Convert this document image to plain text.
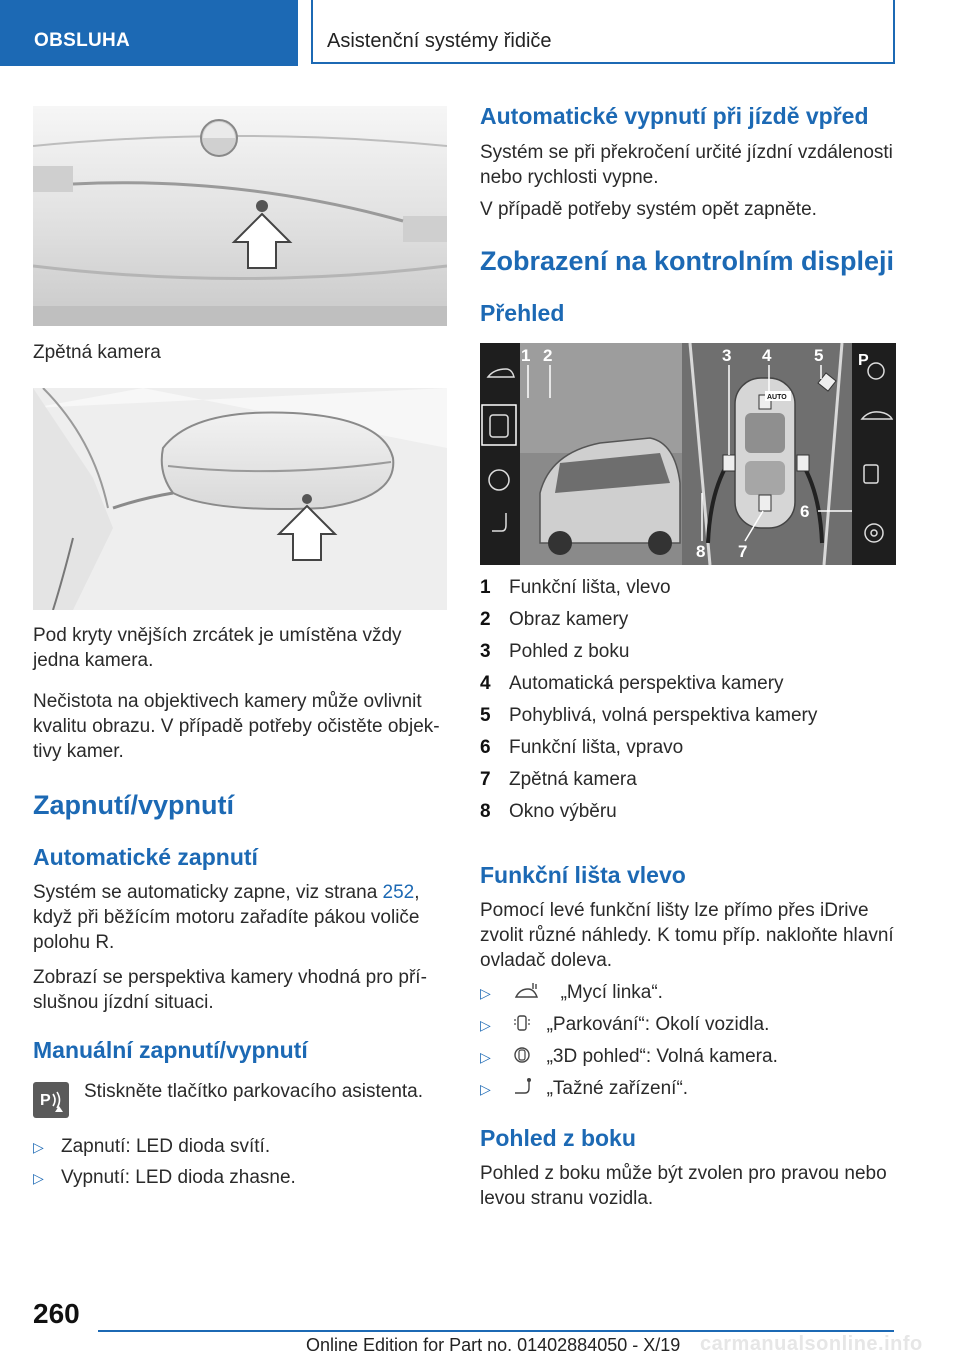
OBSLUHA	Asistenční systémy řidiče
Zpětná kamera
Pod kryty vnějších zrcátek je umístěna vždy jedna kamera.
Nečistota na objektivech kamery může ovlivnit kvalitu obrazu. V případě potřeby očistěte objek-tivy kamer.
Zapnutí/vypnutí
Automatické zapnutí
Systém se automaticky zapne, viz strana 252, když při běžícím motoru zařadíte pákou voliče polohu R.
Zobrazí se perspektiva kamery vhodná pro pří-slušnou jízdní situaci.
Manuální zapnutí/vypnutí
P Stiskněte tlačítko parkovacího asistenta.
▷ Zapnutí: LED dioda svítí.
▷ Vypnutí: LED dioda zhasne.
Automatické vypnutí při jízdě vpřed
Systém se při překročení určité jízdní vzdálenosti nebo rychlosti vypne.
V případě potřeby systém opět zapněte.
Zobrazení na kontrolním displeji
Přehled
AUTO
P
1 2	3 4	5
6
7
8
1 Funkční lišta, vlevo
2 Obraz kamery
3 Pohled z boku
4 Automatická perspektiva kamery
5 Pohyblivá, volná perspektiva kamery
6 Funkční lišta, vpravo
7 Zpětná kamera
8 Okno výběru
Funkční lišta vlevo
Pomocí levé funkční lišty lze přímo přes iDrive zvolit různé náhledy. K tomu příp. nakloňte hlavní ovladač doleva.
▷	„Mycí linka“.
▷	„Parkování“: Okolí vozidla.
▷	„3D pohled“: Volná kamera.
▷	„Tažné zařízení“.
Pohled z boku
Pohled z boku může být zvolen pro pravou nebo levou stranu vozidla.
260
Online Edition for Part no. 01402884050 - X/19 carmanualsonline.info
